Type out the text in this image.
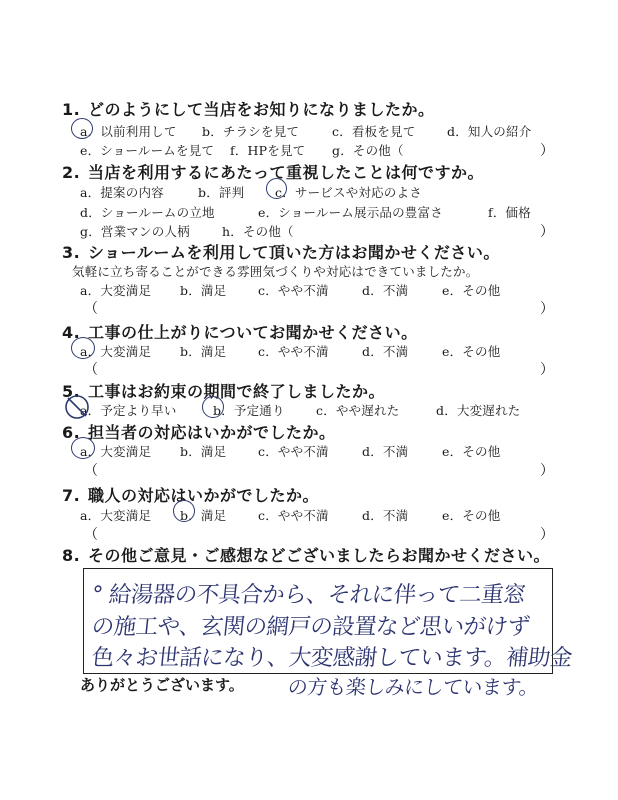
1. どのようにして当店をお知りになりましたか。
a．以前利用して b．チラシを見て	c．看板を見て	d．知人の紹介
e．ショールームを見て f．HPを見て g．その他（	）
2. 当店を利用するにあたって重視したことは何ですか。
a．提案の内容	b．評判 c．サービスや対応のよさ
d．ショールームの立地	e．ショールーム展示品の豊富さ	f．価格
g．営業マンの人柄	h．その他（	）
3. ショールームを利用して頂いた方はお聞かせください。
気軽に立ち寄ることができる雰囲気づくりや対応はできていましたか。
a．大変満足 b．満足	c．やや不満	d．不満	e．その他
（	）
4. 工事の仕上がりについてお聞かせください。
a．大変満足 b．満足	c．やや不満	d．不満	e．その他
（	）
5. 工事はお約束の期間で終了しましたか。
a．予定より早い	b．予定通り	c．やや遅れた	d．大変遅れた
6. 担当者の対応はいかがでしたか。
a．大変満足 b．満足	c．やや不満	d．不満	e．その他
（	）
7. 職人の対応はいかがでしたか。
a．大変満足 b．満足	c．やや不満	d．不満	e．その他
（	）
8. その他ご意見・ご感想などございましたらお聞かせください。
° 給湯器の不具合から、それに伴って二重窓
の施工や、玄関の網戸の設置など思いがけず
色々お世話になり、大変感謝しています。補助金
ありがとうございます。 の方も楽しみにしています。
